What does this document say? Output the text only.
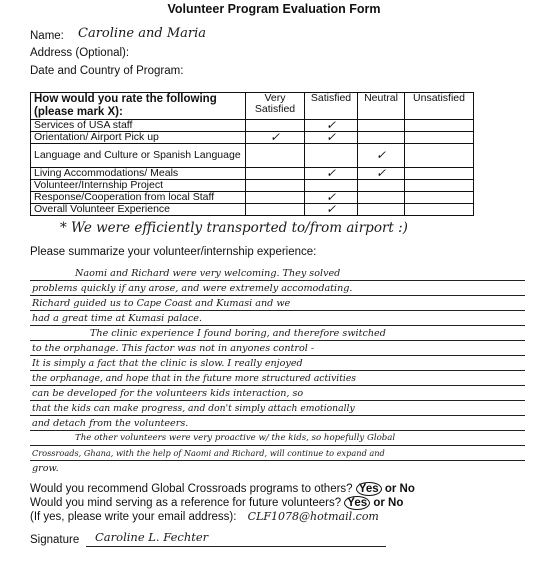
Volunteer Program Evaluation Form
Name: Caroline and Maria
Address (Optional):
Date and Country of Program:
How would you rate the following (please mark X):	Very Satisfied	Satisfied	Neutral	Unsatisfied
Services of USA staff		✓		
Orientation/ Airport Pick up	✓	✓		
Language and Culture or Spanish Language			✓	
Living Accommodations/ Meals		✓	✓	
Volunteer/Internship Project				
Response/Cooperation from local Staff		✓		
Overall Volunteer Experience		✓		
* We were efficiently transported to/from airport :)
Please summarize your volunteer/internship experience:
Naomi and Richard were very welcoming. They solved
problems quickly if any arose, and were extremely accomodating.
Richard guided us to Cape Coast and Kumasi and we
had a great time at Kumasi palace.
The clinic experience I found boring, and therefore switched
to the orphanage. This factor was not in anyones control -
It is simply a fact that the clinic is slow. I really enjoyed
the orphanage, and hope that in the future more structured activities
can be developed for the volunteers kids interaction, so
that the kids can make progress, and don't simply attach emotionally
and detach from the volunteers.
The other volunteers were very proactive w/ the kids, so hopefully Global
Crossroads, Ghana, with the help of Naomi and Richard, will continue to expand and
grow.
Would you recommend Global Crossroads programs to others? Yes or No
Would you mind serving as a reference for future volunteers? Yes or No
(If yes, please write your email address): CLF1078@hotmail.com
Signature Caroline L. Fechter
